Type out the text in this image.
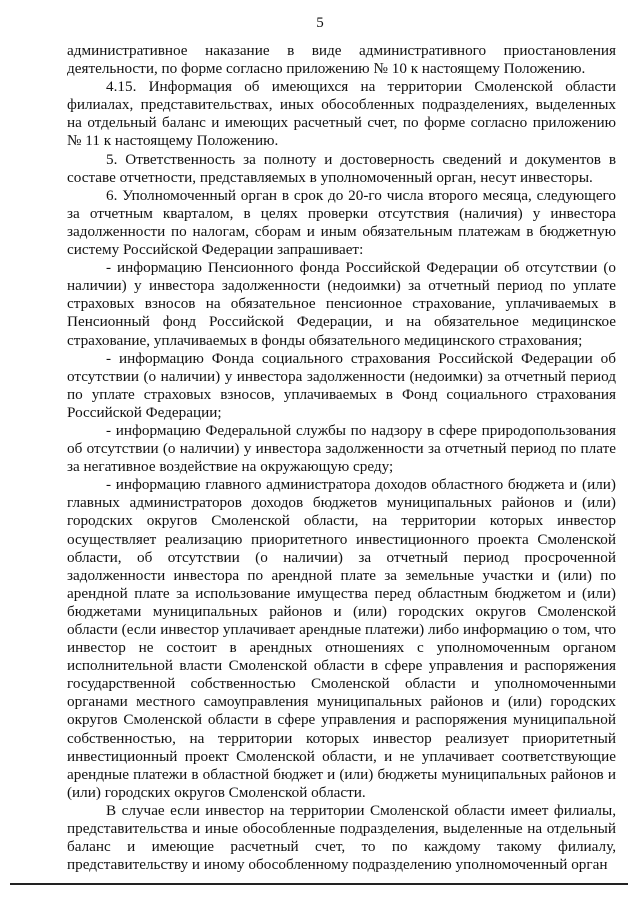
5

административное наказание в виде административного приостановления деятельности, по форме согласно приложению № 10 к настоящему Положению.

4.15. Информация об имеющихся на территории Смоленской области филиалах, представительствах, иных обособленных подразделениях, выделенных на отдельный баланс и имеющих расчетный счет, по форме согласно приложению № 11 к настоящему Положению.

5. Ответственность за полноту и достоверность сведений и документов в составе отчетности, представляемых в уполномоченный орган, несут инвесторы.

6. Уполномоченный орган в срок до 20-го числа второго месяца, следующего за отчетным кварталом, в целях проверки отсутствия (наличия) у инвестора задолженности по налогам, сборам и иным обязательным платежам в бюджетную систему Российской Федерации запрашивает:

- информацию Пенсионного фонда Российской Федерации об отсутствии (о наличии) у инвестора задолженности (недоимки) за отчетный период по уплате страховых взносов на обязательное пенсионное страхование, уплачиваемых в Пенсионный фонд Российской Федерации, и на обязательное медицинское страхование, уплачиваемых в фонды обязательного медицинского страхования;

- информацию Фонда социального страхования Российской Федерации об отсутствии (о наличии) у инвестора задолженности (недоимки) за отчетный период по уплате страховых взносов, уплачиваемых в Фонд социального страхования Российской Федерации;

- информацию Федеральной службы по надзору в сфере природопользования об отсутствии (о наличии) у инвестора задолженности за отчетный период по плате за негативное воздействие на окружающую среду;

- информацию главного администратора доходов областного бюджета и (или) главных администраторов доходов бюджетов муниципальных районов и (или) городских округов Смоленской области, на территории которых инвестор осуществляет реализацию приоритетного инвестиционного проекта Смоленской области, об отсутствии (о наличии) за отчетный период просроченной задолженности инвестора по арендной плате за земельные участки и (или) по арендной плате за использование имущества перед областным бюджетом и (или) бюджетами муниципальных районов и (или) городских округов Смоленской области (если инвестор уплачивает арендные платежи) либо информацию о том, что инвестор не состоит в арендных отношениях с уполномоченным органом исполнительной власти Смоленской области в сфере управления и распоряжения государственной собственностью Смоленской области и уполномоченными органами местного самоуправления муниципальных районов и (или) городских округов Смоленской области в сфере управления и распоряжения муниципальной собственностью, на территории которых инвестор реализует приоритетный инвестиционный проект Смоленской области, и не уплачивает соответствующие арендные платежи в областной бюджет и (или) бюджеты муниципальных районов и (или) городских округов Смоленской области.

В случае если инвестор на территории Смоленской области имеет филиалы, представительства и иные обособленные подразделения, выделенные на отдельный баланс и имеющие расчетный счет, то по каждому такому филиалу, представительству и иному обособленному подразделению уполномоченный орган
